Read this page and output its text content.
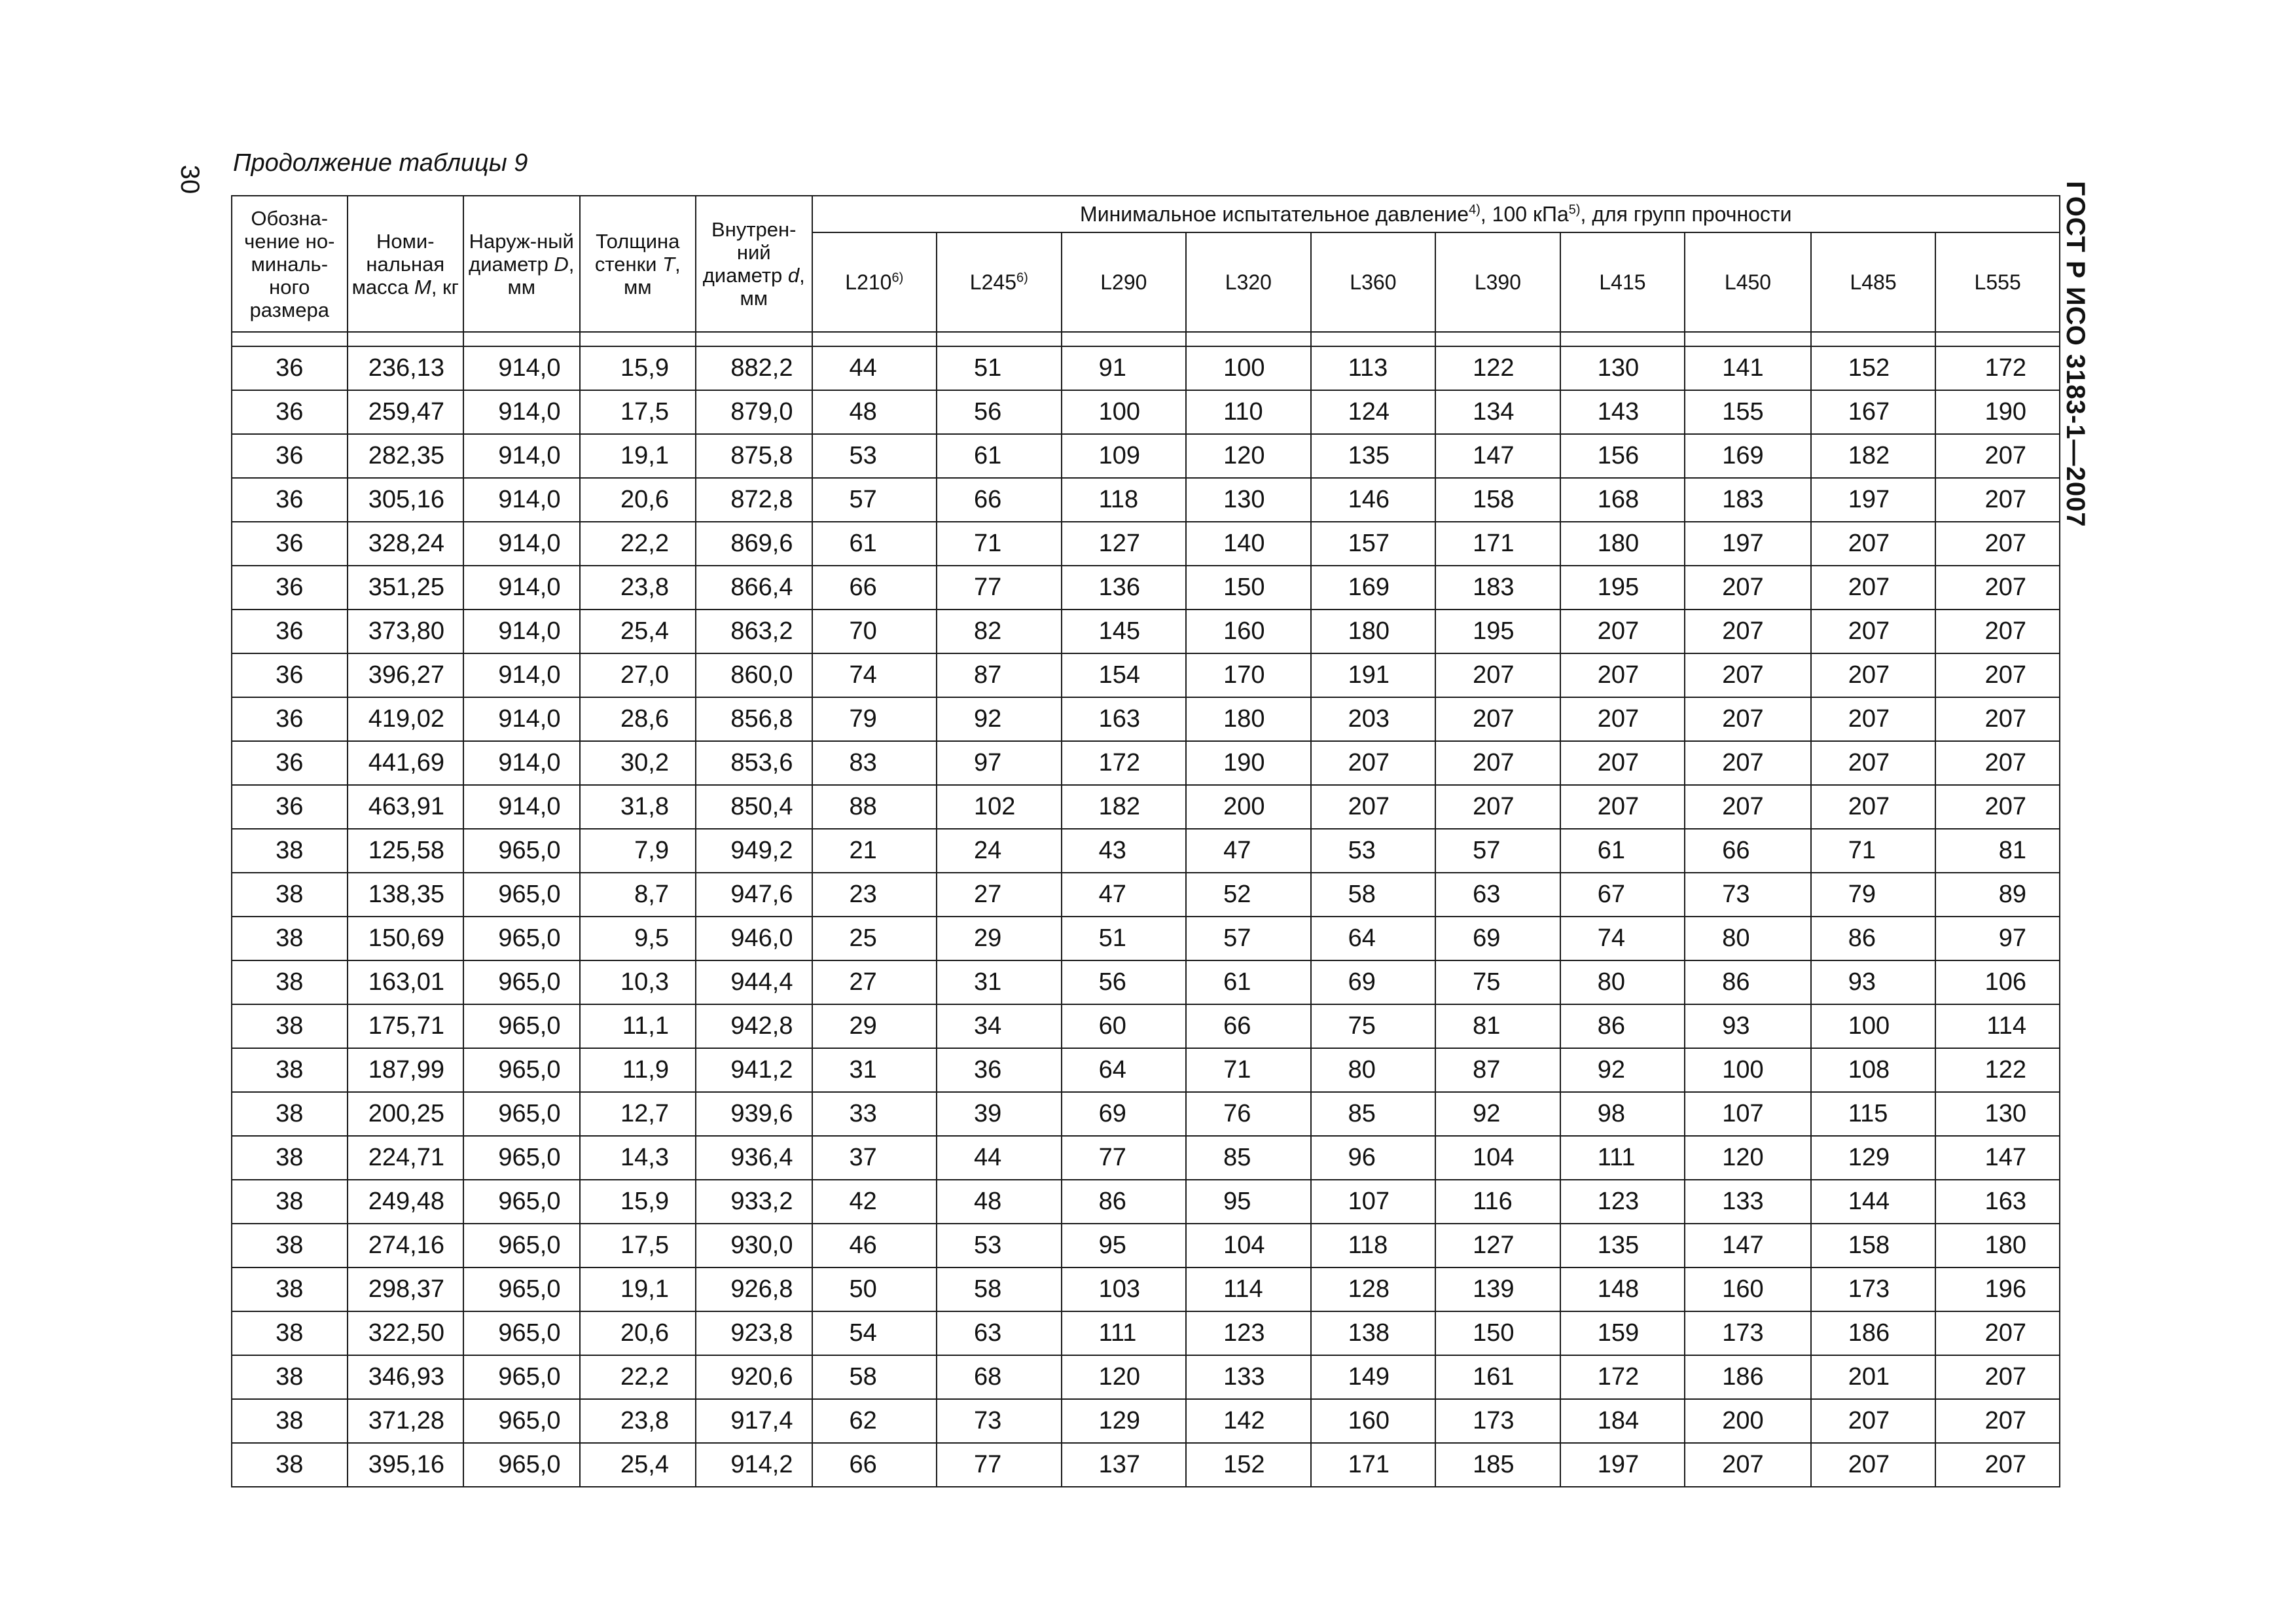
30
Продолжение таблицы 9
ГОСТ Р ИСО 3183-1—2007
Обозна-чение но-миналь-ного размера	Номи-нальная масса M, кг	Наруж-ный диаметр D, мм	Толщина стенки T, мм	Внутрен-ний диаметр d, мм	Минимальное испытательное давление$^{4)}$, 100 кПа$^{5)}$, для групп прочности									
					L210$^{6)}$	L245$^{6)}$	L290	L320	L360	L390	L415	L450	L485	L555

36	236,13	914,0	15,9	882,2	44	51	91	100	113	122	130	141	152	172
36	259,47	914,0	17,5	879,0	48	56	100	110	124	134	143	155	167	190
36	282,35	914,0	19,1	875,8	53	61	109	120	135	147	156	169	182	207
36	305,16	914,0	20,6	872,8	57	66	118	130	146	158	168	183	197	207
36	328,24	914,0	22,2	869,6	61	71	127	140	157	171	180	197	207	207
36	351,25	914,0	23,8	866,4	66	77	136	150	169	183	195	207	207	207
36	373,80	914,0	25,4	863,2	70	82	145	160	180	195	207	207	207	207
36	396,27	914,0	27,0	860,0	74	87	154	170	191	207	207	207	207	207
36	419,02	914,0	28,6	856,8	79	92	163	180	203	207	207	207	207	207
36	441,69	914,0	30,2	853,6	83	97	172	190	207	207	207	207	207	207
36	463,91	914,0	31,8	850,4	88	102	182	200	207	207	207	207	207	207
38	125,58	965,0	7,9	949,2	21	24	43	47	53	57	61	66	71	81
38	138,35	965,0	8,7	947,6	23	27	47	52	58	63	67	73	79	89
38	150,69	965,0	9,5	946,0	25	29	51	57	64	69	74	80	86	97
38	163,01	965,0	10,3	944,4	27	31	56	61	69	75	80	86	93	106
38	175,71	965,0	11,1	942,8	29	34	60	66	75	81	86	93	100	114
38	187,99	965,0	11,9	941,2	31	36	64	71	80	87	92	100	108	122
38	200,25	965,0	12,7	939,6	33	39	69	76	85	92	98	107	115	130
38	224,71	965,0	14,3	936,4	37	44	77	85	96	104	111	120	129	147
38	249,48	965,0	15,9	933,2	42	48	86	95	107	116	123	133	144	163
38	274,16	965,0	17,5	930,0	46	53	95	104	118	127	135	147	158	180
38	298,37	965,0	19,1	926,8	50	58	103	114	128	139	148	160	173	196
38	322,50	965,0	20,6	923,8	54	63	111	123	138	150	159	173	186	207
38	346,93	965,0	22,2	920,6	58	68	120	133	149	161	172	186	201	207
38	371,28	965,0	23,8	917,4	62	73	129	142	160	173	184	200	207	207
38	395,16	965,0	25,4	914,2	66	77	137	152	171	185	197	207	207	207
